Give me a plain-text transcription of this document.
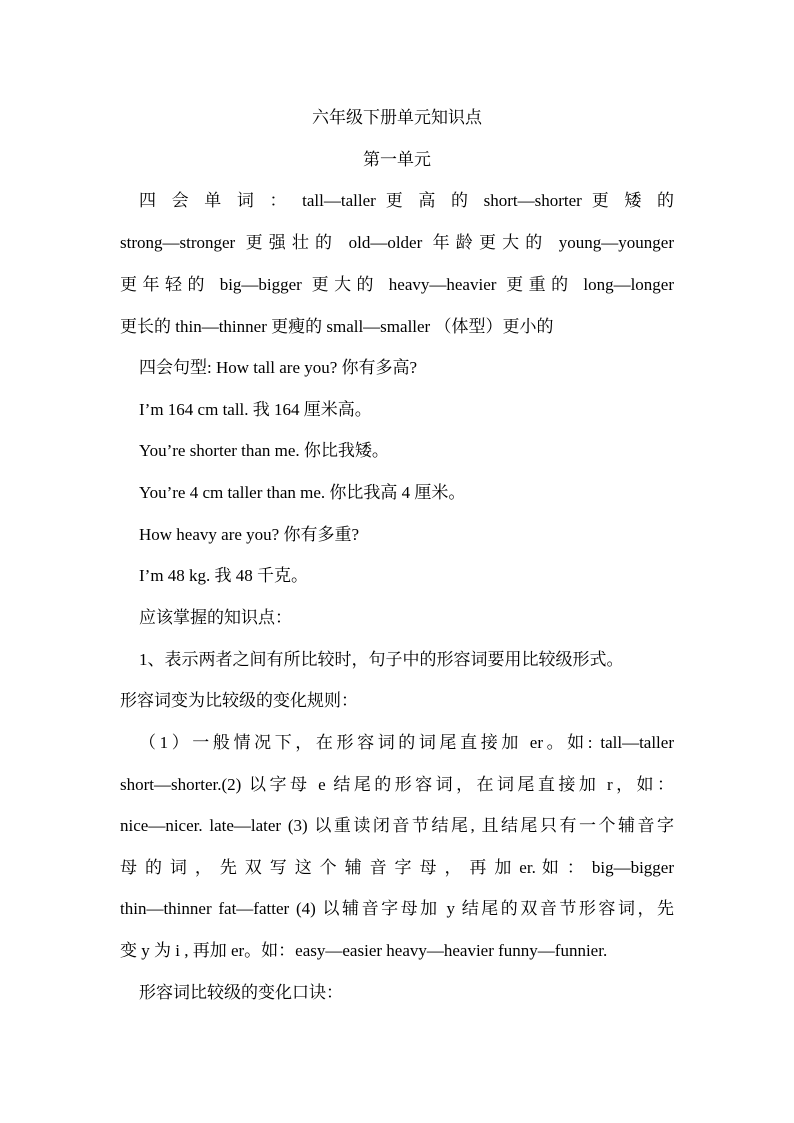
六年级下册单元知识点
第一单元
四 会 单 词 ： tall—taller 更 高 的 short—shorter 更 矮 的
strong—stronger 更强壮的 old—older 年龄更大的 young—younger
更年轻的 big—bigger 更大的 heavy—heavier 更重的 long—longer
更长的 thin—thinner 更瘦的 small—smaller （体型）更小的
四会句型: How tall are you? 你有多高?
I’m 164 cm tall. 我 164 厘米高。
You’re shorter than me. 你比我矮。
You’re 4 cm taller than me. 你比我高 4 厘米。
How heavy are you? 你有多重?
I’m 48 kg. 我 48 千克。
应该掌握的知识点：
1、表示两者之间有所比较时，句子中的形容词要用比较级形式。
形容词变为比较级的变化规则：
（1）一般情况下，在形容词的词尾直接加 er。如: tall—taller
short—shorter.(2) 以字母 e 结尾的形容词，在词尾直接加 r，如：
nice—nicer. late—later (3) 以重读闭音节结尾, 且结尾只有一个辅音字
母 的 词 ， 先 双 写 这 个 辅 音 字 母 ， 再 加 er. 如 ： big—bigger
thin—thinner fat—fatter (4) 以辅音字母加 y 结尾的双音节形容词，先
变 y 为 i , 再加 er。如：easy—easier heavy—heavier funny—funnier.
形容词比较级的变化口诀：
